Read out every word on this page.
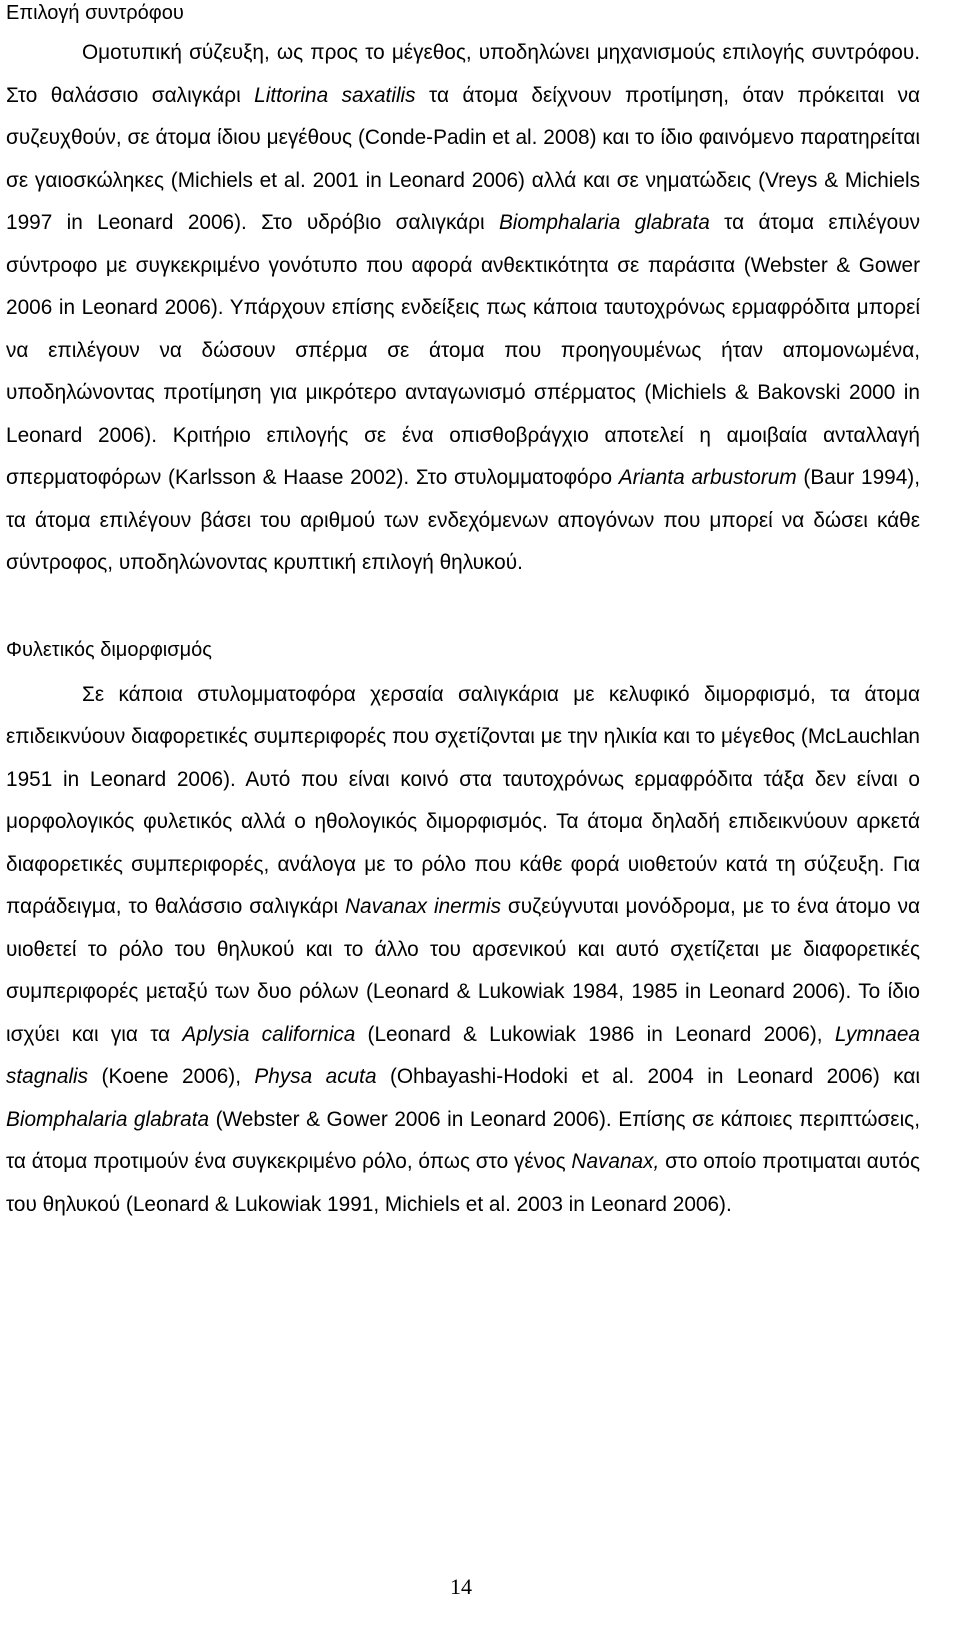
Επιλογή συντρόφου

Ομοτυπική σύζευξη, ως προς το μέγεθος, υποδηλώνει μηχανισμούς επιλογής συντρόφου. Στο θαλάσσιο σαλιγκάρι Littorina saxatilis τα άτομα δείχνουν προτίμηση, όταν πρόκειται να συζευχθούν, σε άτομα ίδιου μεγέθους (Conde-Padin et al. 2008) και το ίδιο φαινόμενο παρατηρείται σε γαιοσκώληκες (Michiels et al. 2001 in Leonard 2006) αλλά και σε νηματώδεις (Vreys & Michiels 1997 in Leonard 2006). Στο υδρόβιο σαλιγκάρι Biomphalaria glabrata τα άτομα επιλέγουν σύντροφο με συγκεκριμένο γονότυπο που αφορά ανθεκτικότητα σε παράσιτα (Webster & Gower 2006 in Leonard 2006). Υπάρχουν επίσης ενδείξεις πως κάποια ταυτοχρόνως ερμαφρόδιτα μπορεί να επιλέγουν να δώσουν σπέρμα σε άτομα που προηγουμένως ήταν απομονωμένα, υποδηλώνοντας προτίμηση για μικρότερο ανταγωνισμό σπέρματος (Michiels & Bakovski 2000 in Leonard 2006). Κριτήριο επιλογής σε ένα οπισθοβράγχιο αποτελεί η αμοιβαία ανταλλαγή σπερματοφόρων (Karlsson & Haase 2002). Στο στυλομματοφόρο Arianta arbustorum (Baur 1994), τα άτομα επιλέγουν βάσει του αριθμού των ενδεχόμενων απογόνων που μπορεί να δώσει κάθε σύντροφος, υποδηλώνοντας κρυπτική επιλογή θηλυκού.

Φυλετικός διμορφισμός

Σε κάποια στυλομματοφόρα χερσαία σαλιγκάρια με κελυφικό διμορφισμό, τα άτομα επιδεικνύουν διαφορετικές συμπεριφορές που σχετίζονται με την ηλικία και το μέγεθος (McLauchlan 1951 in Leonard 2006). Αυτό που είναι κοινό στα ταυτοχρόνως ερμαφρόδιτα τάξα δεν είναι ο μορφολογικός φυλετικός αλλά ο ηθολογικός διμορφισμός. Τα άτομα δηλαδή επιδεικνύουν αρκετά διαφορετικές συμπεριφορές, ανάλογα με το ρόλο που κάθε φορά υιοθετούν κατά τη σύζευξη. Για παράδειγμα, το θαλάσσιο σαλιγκάρι Navanax inermis συζεύγνυται μονόδρομα, με το ένα άτομο να υιοθετεί το ρόλο του θηλυκού και το άλλο του αρσενικού και αυτό σχετίζεται με διαφορετικές συμπεριφορές μεταξύ των δυο ρόλων (Leonard & Lukowiak 1984, 1985 in Leonard 2006). Το ίδιο ισχύει και για τα Aplysia californica (Leonard & Lukowiak 1986 in Leonard 2006), Lymnaea stagnalis (Koene 2006), Physa acuta (Ohbayashi-Hodoki et al. 2004 in Leonard 2006) και Biomphalaria glabrata (Webster & Gower 2006 in Leonard 2006). Επίσης σε κάποιες περιπτώσεις, τα άτομα προτιμούν ένα συγκεκριμένο ρόλο, όπως στο γένος Navanax, στο οποίο προτιμαται αυτός του θηλυκού (Leonard & Lukowiak 1991, Michiels et al. 2003 in Leonard 2006).

14
